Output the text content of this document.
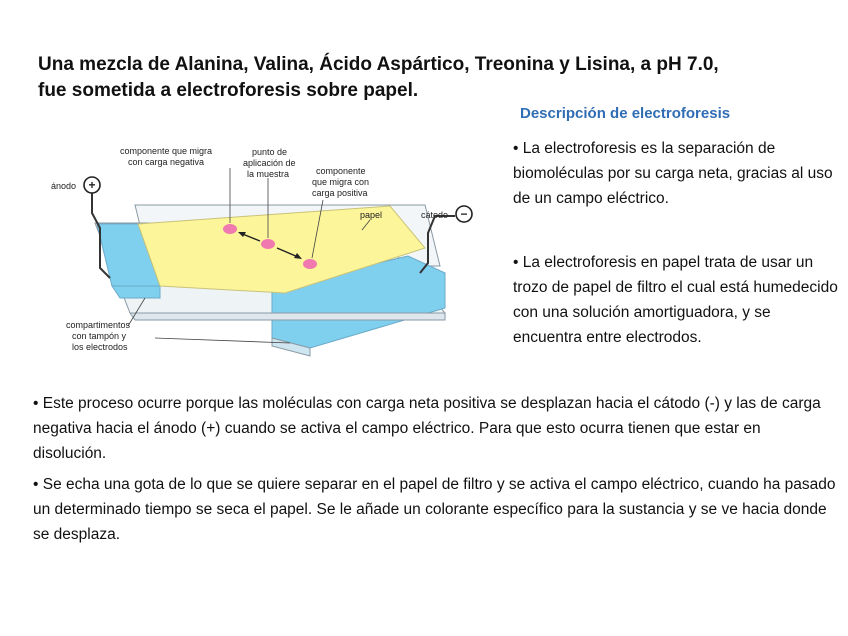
Una mezcla de Alanina, Valina, Ácido Aspártico, Treonina y Lisina, a pH 7.0,
fue sometida a electroforesis sobre papel.
Descripción de electroforesis
• La electroforesis es la separación de biomoléculas por su carga neta, gracias al uso de un campo eléctrico.
• La electroforesis en papel trata de usar un trozo de papel de filtro el cual está humedecido con una solución amortiguadora, y se encuentra entre electrodos.
+
ánodo
−
cátodo
componente que migra
con carga negativa
punto de
aplicación de
la muestra	componente
que migra con
carga positiva
papel
compartimentos
con tampón y
los electrodos
• Este proceso ocurre porque las moléculas con carga neta positiva se desplazan hacia el cátodo (-) y las de carga negativa hacia el ánodo (+) cuando se activa el campo eléctrico. Para que esto ocurra tienen que estar en disolución.
• Se echa una gota de lo que se quiere separar en el papel de filtro y se activa el campo eléctrico, cuando ha pasado un determinado tiempo se seca el papel. Se le añade un colorante específico para la sustancia y se ve hacia donde se desplaza.
